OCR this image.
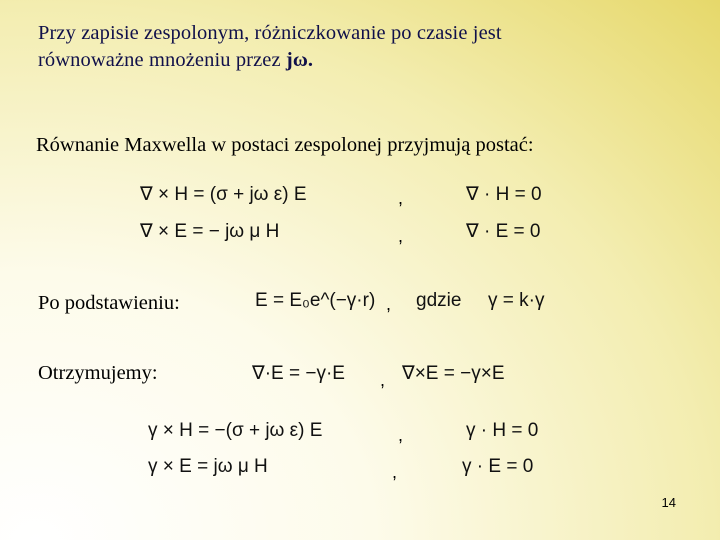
Przy zapisie zespolonym, różniczkowanie po czasie jest
równoważne mnożeniu przez jω.
Równanie Maxwella w postaci zespolonej przyjmują postać:
∇ × H = (σ + jω ε) E	,	∇ · H = 0
∇ × E = − jω μ H	,	∇ · E = 0
Po podstawieniu:	E = E₀e^(−γ·r) , gdzie γ = k·γ
Otrzymujemy:	∇·E = −γ·E , ∇×E = −γ×E
γ × H = −(σ + jω ε) E	,	γ · H = 0
γ × E = jω μ H	,	γ · E = 0
14
